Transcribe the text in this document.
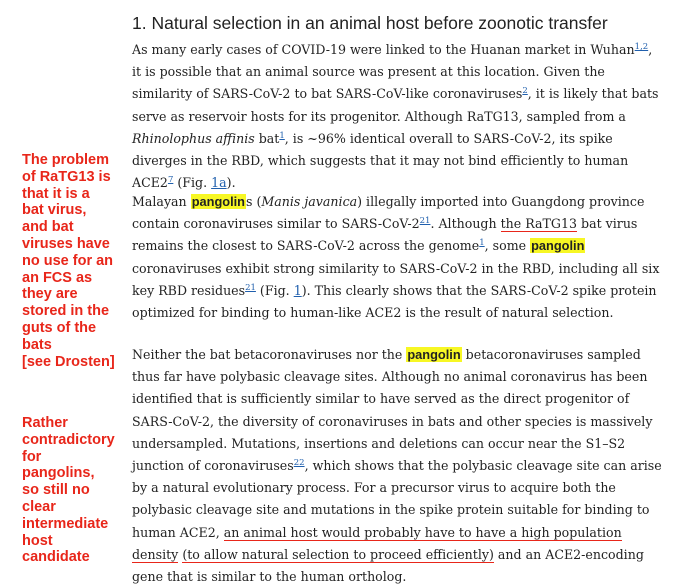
The problem
of RaTG13 is
that it is a
bat virus,
and bat
viruses have
no use for an
an FCS as
they are
stored in the
guts of the
bats
[see Drosten]
Rather
contradictory
for
pangolins,
so still no
clear
intermediate
host
candidate
1. Natural selection in an animal host before zoonotic transfer

As many early cases of COVID-19 were linked to the Huanan market in Wuhan$^{1,2}$, it is possible that an animal source was present at this location. Given the similarity of SARS-CoV-2 to bat SARS-CoV-like coronaviruses$^2$, it is likely that bats serve as reservoir hosts for its progenitor. Although RaTG13, sampled from a Rhinolophus affinis bat$^1$, is ~96% identical overall to SARS-CoV-2, its spike diverges in the RBD, which suggests that it may not bind efficiently to human $ACE2^7$ (Fig. 1a).

Malayan pangolins (Manis javanica) illegally imported into Guangdong province contain coronaviruses similar to SARS-$CoV-2^{21}$. Although the RaTG13 bat virus remains the closest to SARS-CoV-2 across the genome$^1$, some pangolin coronaviruses exhibit strong similarity to SARS-CoV-2 in the RBD, including all six key RBD residues$^{21}$ (Fig. 1). This clearly shows that the SARS-CoV-2 spike protein optimized for binding to human-like ACE2 is the result of natural selection.

Neither the bat betacoronaviruses nor the pangolin betacoronaviruses sampled thus far have polybasic cleavage sites. Although no animal coronavirus has been identified that is sufficiently similar to have served as the direct progenitor of SARS-CoV-2, the diversity of coronaviruses in bats and other species is massively undersampled. Mutations, insertions and deletions can occur near the S1–S2 junction of coronaviruses$^{22}$, which shows that the polybasic cleavage site can arise by a natural evolutionary process. For a precursor virus to acquire both the polybasic cleavage site and mutations in the spike protein suitable for binding to human ACE2, an animal host would probably have to have a high population density (to allow natural selection to proceed efficiently) and an ACE2-encoding gene that is similar to the human ortholog.
